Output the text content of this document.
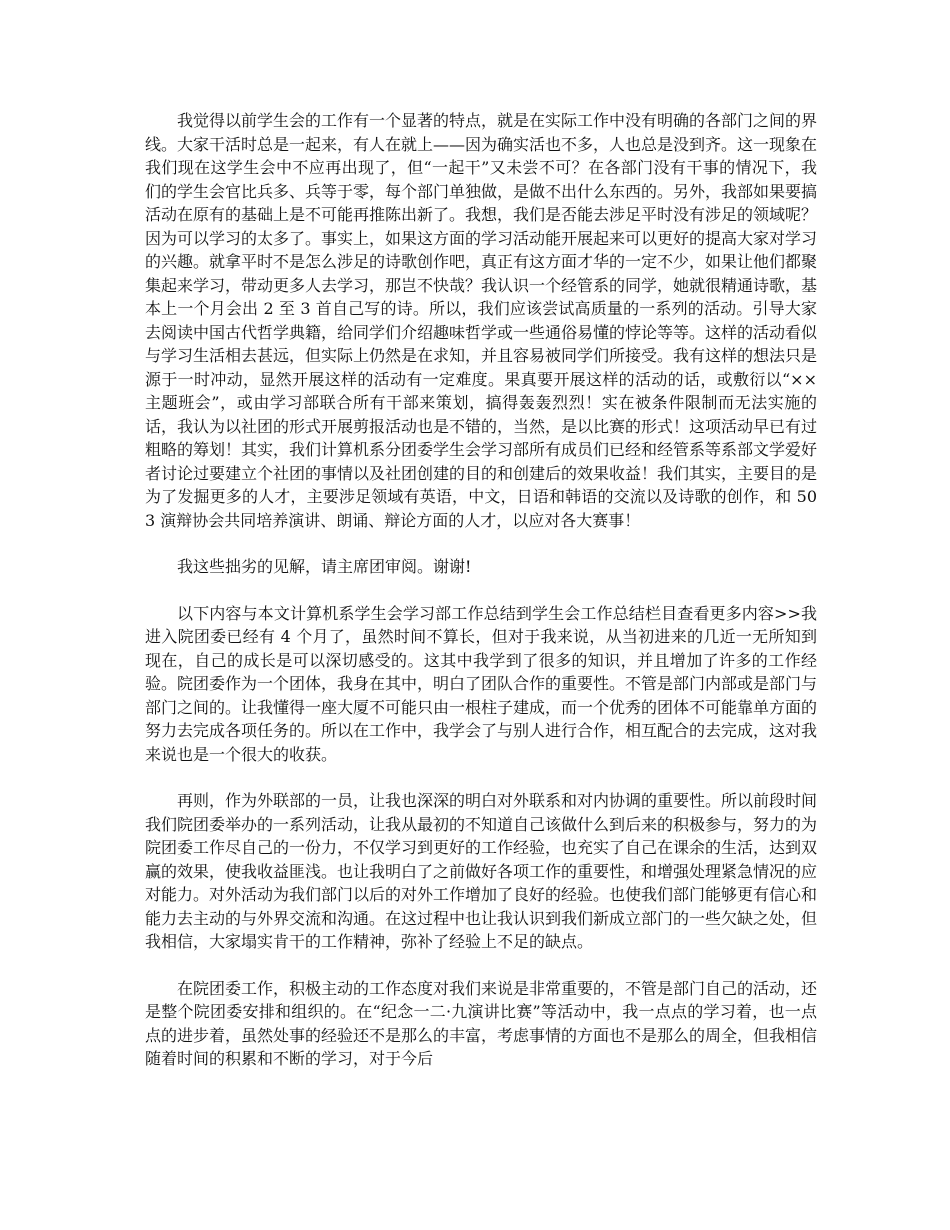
我觉得以前学生会的工作有一个显著的特点，就是在实际工作中没有明确的各部门之间的界线。大家干活时总是一起来，有人在就上——因为确实活也不多，人也总是没到齐。这一现象在我们现在这学生会中不应再出现了，但“一起干”又未尝不可？在各部门没有干事的情况下，我们的学生会官比兵多、兵等于零，每个部门单独做，是做不出什么东西的。另外，我部如果要搞活动在原有的基础上是不可能再推陈出新了。我想，我们是否能去涉足平时没有涉足的领域呢？因为可以学习的太多了。事实上，如果这方面的学习活动能开展起来可以更好的提高大家对学习的兴趣。就拿平时不是怎么涉足的诗歌创作吧，真正有这方面才华的一定不少，如果让他们都聚集起来学习，带动更多人去学习，那岂不快哉？我认识一个经管系的同学，她就很精通诗歌，基本上一个月会出 2 至 3 首自己写的诗。所以，我们应该尝试高质量的一系列的活动。引导大家去阅读中国古代哲学典籍，给同学们介绍趣味哲学或一些通俗易懂的悖论等等。这样的活动看似与学习生活相去甚远，但实际上仍然是在求知，并且容易被同学们所接受。我有这样的想法只是源于一时冲动，显然开展这样的活动有一定难度。果真要开展这样的活动的话，或敷衍以“××主题班会”，或由学习部联合所有干部来策划，搞得轰轰烈烈！实在被条件限制而无法实施的话，我认为以社团的形式开展剪报活动也是不错的，当然，是以比赛的形式！这项活动早已有过粗略的筹划！其实，我们计算机系分团委学生会学习部所有成员们已经和经管系等系部文学爱好者讨论过要建立个社团的事情以及社团创建的目的和创建后的效果收益！我们其实，主要目的是为了发掘更多的人才，主要涉足领域有英语，中文，日语和韩语的交流以及诗歌的创作，和 503 演辩协会共同培养演讲、朗诵、辩论方面的人才，以应对各大赛事！

我这些拙劣的见解，请主席团审阅。谢谢!

以下内容与本文计算机系学生会学习部工作总结到学生会工作总结栏目查看更多内容>>我进入院团委已经有 4 个月了，虽然时间不算长，但对于我来说，从当初进来的几近一无所知到现在，自己的成长是可以深切感受的。这其中我学到了很多的知识，并且增加了许多的工作经验。院团委作为一个团体，我身在其中，明白了团队合作的重要性。不管是部门内部或是部门与部门之间的。让我懂得一座大厦不可能只由一根柱子建成，而一个优秀的团体不可能靠单方面的努力去完成各项任务的。所以在工作中，我学会了与别人进行合作，相互配合的去完成，这对我来说也是一个很大的收获。

再则，作为外联部的一员，让我也深深的明白对外联系和对内协调的重要性。所以前段时间我们院团委举办的一系列活动，让我从最初的不知道自己该做什么到后来的积极参与，努力的为院团委工作尽自己的一份力，不仅学习到更好的工作经验，也充实了自己在课余的生活，达到双赢的效果，使我收益匪浅。也让我明白了之前做好各项工作的重要性，和增强处理紧急情况的应对能力。对外活动为我们部门以后的对外工作增加了良好的经验。也使我们部门能够更有信心和能力去主动的与外界交流和沟通。在这过程中也让我认识到我们新成立部门的一些欠缺之处，但我相信，大家塌实肯干的工作精神，弥补了经验上不足的缺点。

在院团委工作，积极主动的工作态度对我们来说是非常重要的，不管是部门自己的活动，还是整个院团委安排和组织的。在“纪念一二·九演讲比赛”等活动中，我一点点的学习着，也一点点的进步着，虽然处事的经验还不是那么的丰富，考虑事情的方面也不是那么的周全，但我相信随着时间的积累和不断的学习，对于今后
